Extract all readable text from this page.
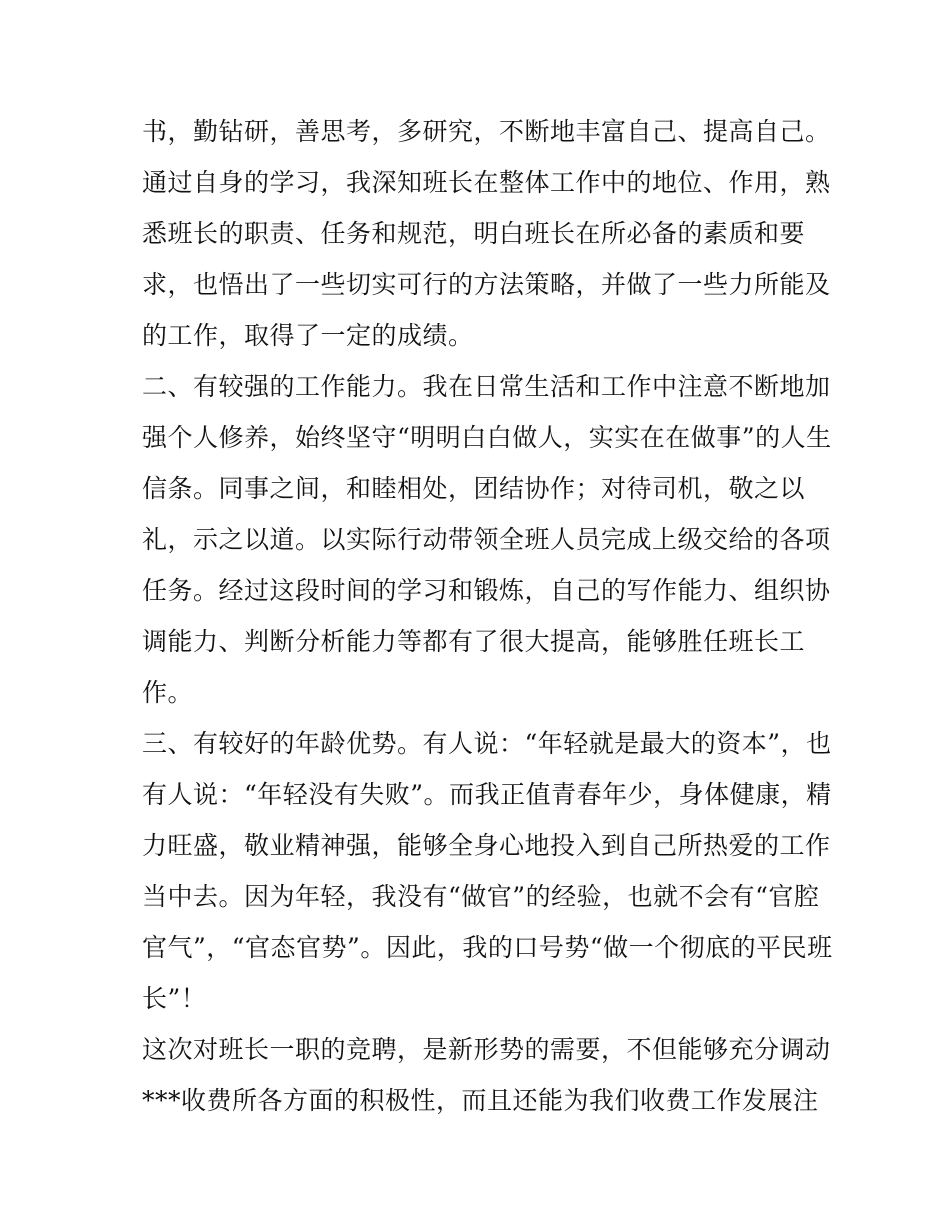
书，勤钻研，善思考，多研究，不断地丰富自己、提高自己。
通过自身的学习，我深知班长在整体工作中的地位、作用，熟
悉班长的职责、任务和规范，明白班长在所必备的素质和要
求，也悟出了一些切实可行的方法策略，并做了一些力所能及
的工作，取得了一定的成绩。
二、有较强的工作能力。我在日常生活和工作中注意不断地加
强个人修养，始终坚守“明明白白做人，实实在在做事”的人生
信条。同事之间，和睦相处，团结协作；对待司机，敬之以
礼，示之以道。以实际行动带领全班人员完成上级交给的各项
任务。经过这段时间的学习和锻炼，自己的写作能力、组织协
调能力、判断分析能力等都有了很大提高，能够胜任班长工
作。
三、有较好的年龄优势。有人说：“年轻就是最大的资本”，也
有人说：“年轻没有失败”。而我正值青春年少，身体健康，精
力旺盛，敬业精神强，能够全身心地投入到自己所热爱的工作
当中去。因为年轻，我没有“做官”的经验，也就不会有“官腔
官气”，“官态官势”。因此，我的口号势“做一个彻底的平民班
长”！
这次对班长一职的竞聘，是新形势的需要，不但能够充分调动
***收费所各方面的积极性，而且还能为我们收费工作发展注
